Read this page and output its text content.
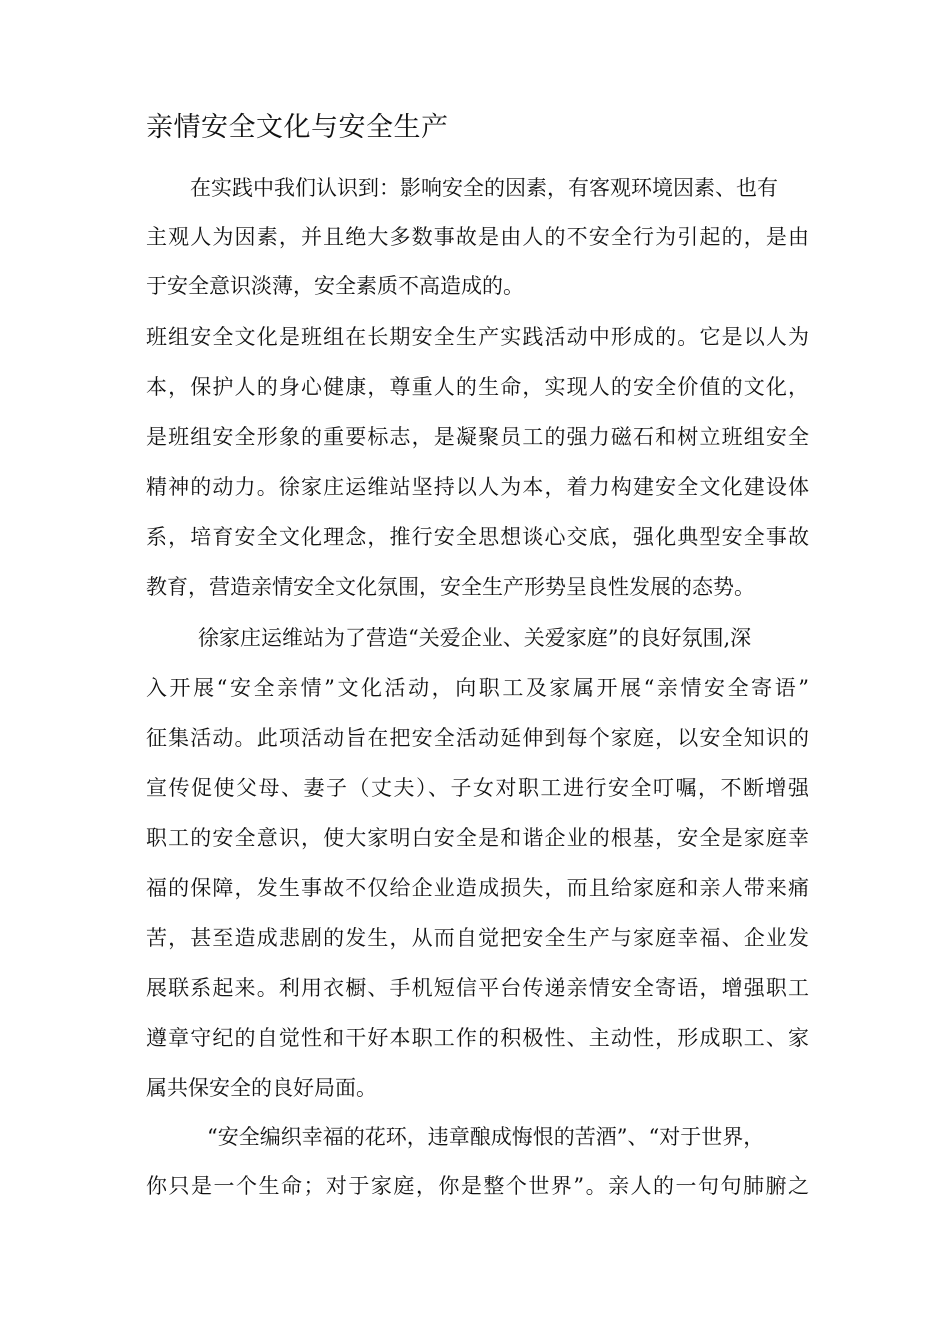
亲情安全文化与安全生产
在实践中我们认识到：影响安全的因素，有客观环境因素、也有
主观人为因素，并且绝大多数事故是由人的不安全行为引起的，是由
于安全意识淡薄，安全素质不高造成的。
班组安全文化是班组在长期安全生产实践活动中形成的。它是以人为
本，保护人的身心健康，尊重人的生命，实现人的安全价值的文化，
是班组安全形象的重要标志，是凝聚员工的强力磁石和树立班组安全
精神的动力。徐家庄运维站坚持以人为本，着力构建安全文化建设体
系，培育安全文化理念，推行安全思想谈心交底，强化典型安全事故
教育，营造亲情安全文化氛围，安全生产形势呈良性发展的态势。
徐家庄运维站为了营造“关爱企业、关爱家庭”的良好氛围,深
入开展“安全亲情”文化活动，向职工及家属开展“亲情安全寄语”
征集活动。此项活动旨在把安全活动延伸到每个家庭，以安全知识的
宣传促使父母、妻子（丈夫）、子女对职工进行安全叮嘱，不断增强
职工的安全意识，使大家明白安全是和谐企业的根基，安全是家庭幸
福的保障，发生事故不仅给企业造成损失，而且给家庭和亲人带来痛
苦，甚至造成悲剧的发生，从而自觉把安全生产与家庭幸福、企业发
展联系起来。利用衣橱、手机短信平台传递亲情安全寄语，增强职工
遵章守纪的自觉性和干好本职工作的积极性、主动性，形成职工、家
属共保安全的良好局面。
“安全编织幸福的花环，违章酿成悔恨的苦酒”、“对于世界，
你只是一个生命；对于家庭，你是整个世界”。亲人的一句句肺腑之
